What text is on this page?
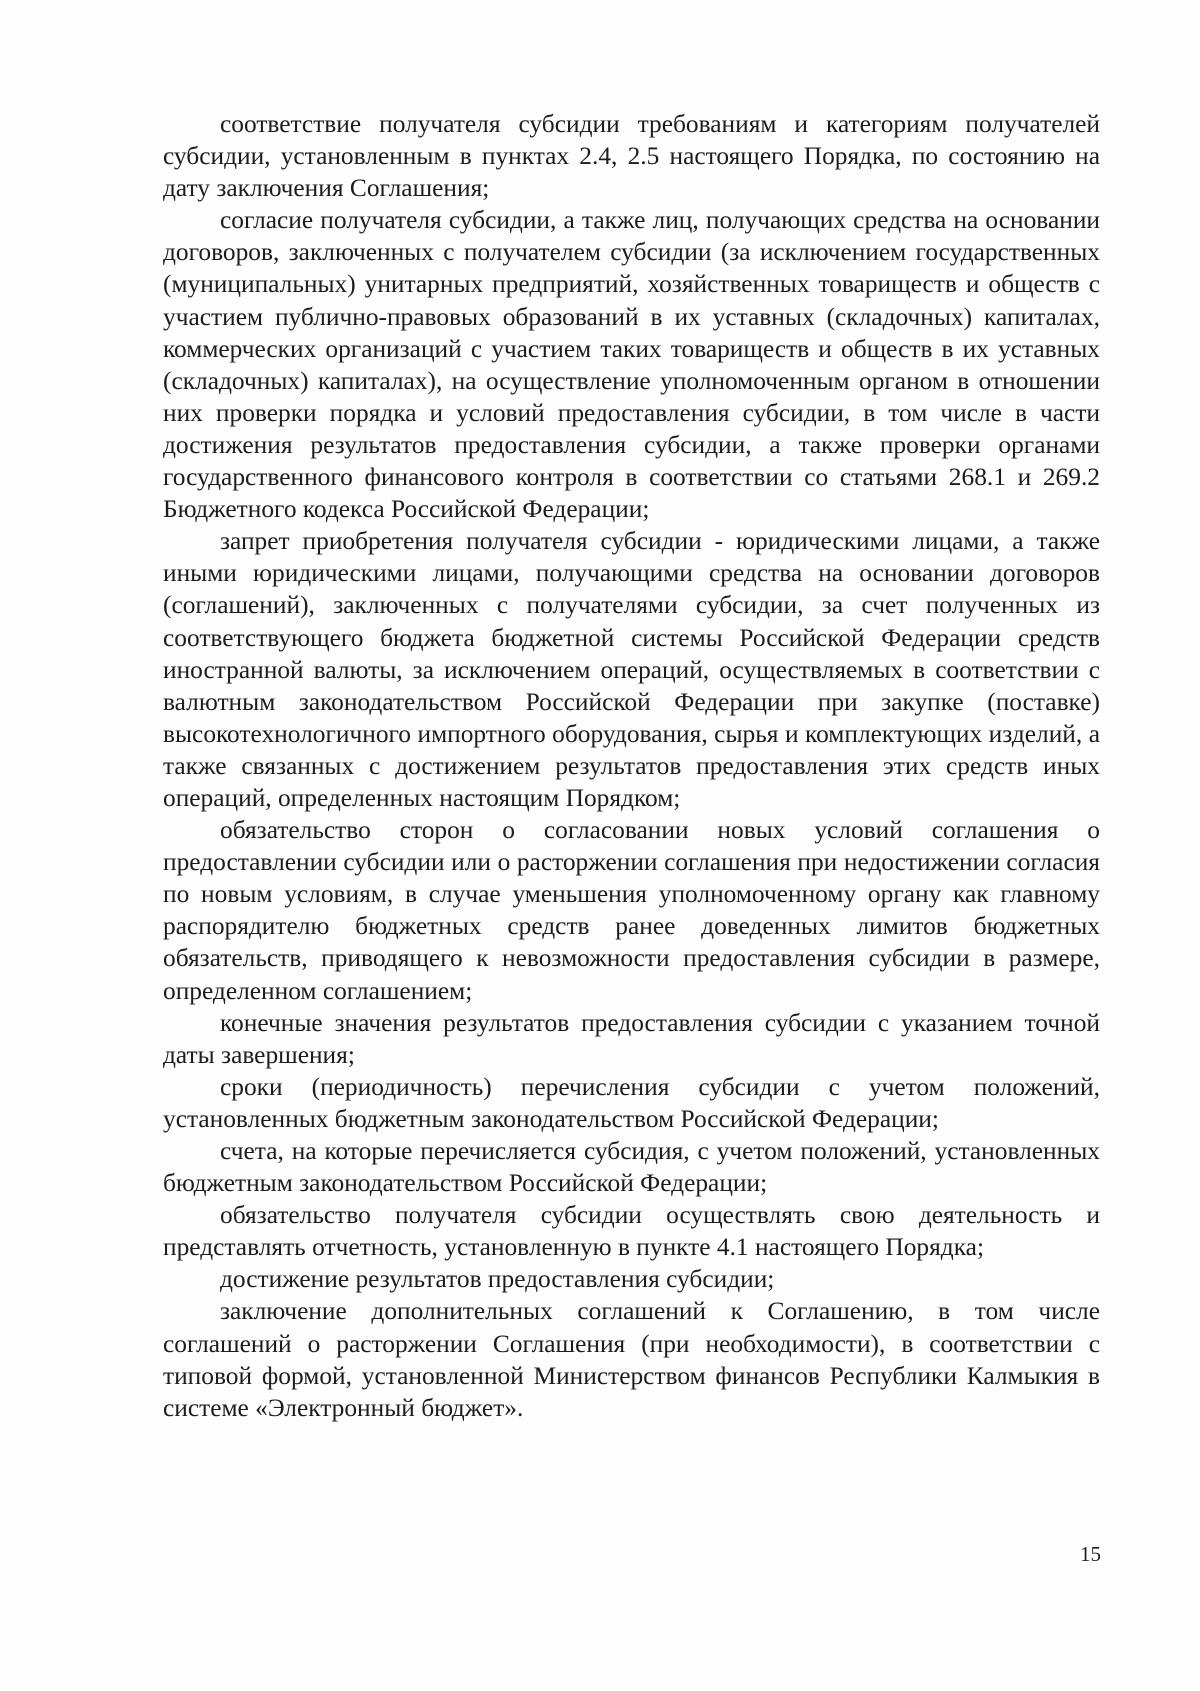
соответствие получателя субсидии требованиям и категориям получателей субсидии, установленным в пунктах 2.4, 2.5 настоящего Порядка, по состоянию на дату заключения Соглашения;

согласие получателя субсидии, а также лиц, получающих средства на основании договоров, заключенных с получателем субсидии (за исключением государственных (муниципальных) унитарных предприятий, хозяйственных товариществ и обществ с участием публично-правовых образований в их уставных (складочных) капиталах, коммерческих организаций с участием таких товариществ и обществ в их уставных (складочных) капиталах), на осуществление уполномоченным органом в отношении них проверки порядка и условий предоставления субсидии, в том числе в части достижения результатов предоставления субсидии, а также проверки органами государственного финансового контроля в соответствии со статьями 268.1 и 269.2 Бюджетного кодекса Российской Федерации;

запрет приобретения получателя субсидии - юридическими лицами, а также иными юридическими лицами, получающими средства на основании договоров (соглашений), заключенных с получателями субсидии, за счет полученных из соответствующего бюджета бюджетной системы Российской Федерации средств иностранной валюты, за исключением операций, осуществляемых в соответствии с валютным законодательством Российской Федерации при закупке (поставке) высокотехнологичного импортного оборудования, сырья и комплектующих изделий, а также связанных с достижением результатов предоставления этих средств иных операций, определенных настоящим Порядком;

обязательство сторон о согласовании новых условий соглашения о предоставлении субсидии или о расторжении соглашения при недостижении согласия по новым условиям, в случае уменьшения уполномоченному органу как главному распорядителю бюджетных средств ранее доведенных лимитов бюджетных обязательств, приводящего к невозможности предоставления субсидии в размере, определенном соглашением;

конечные значения результатов предоставления субсидии с указанием точной даты завершения;

сроки (периодичность) перечисления субсидии с учетом положений, установленных бюджетным законодательством Российской Федерации;

счета, на которые перечисляется субсидия, с учетом положений, установленных бюджетным законодательством Российской Федерации;

обязательство получателя субсидии осуществлять свою деятельность и представлять отчетность, установленную в пункте 4.1 настоящего Порядка;

достижение результатов предоставления субсидии;

заключение дополнительных соглашений к Соглашению, в том числе соглашений о расторжении Соглашения (при необходимости), в соответствии с типовой формой, установленной Министерством финансов Республики Калмыкия в системе «Электронный бюджет».

15
